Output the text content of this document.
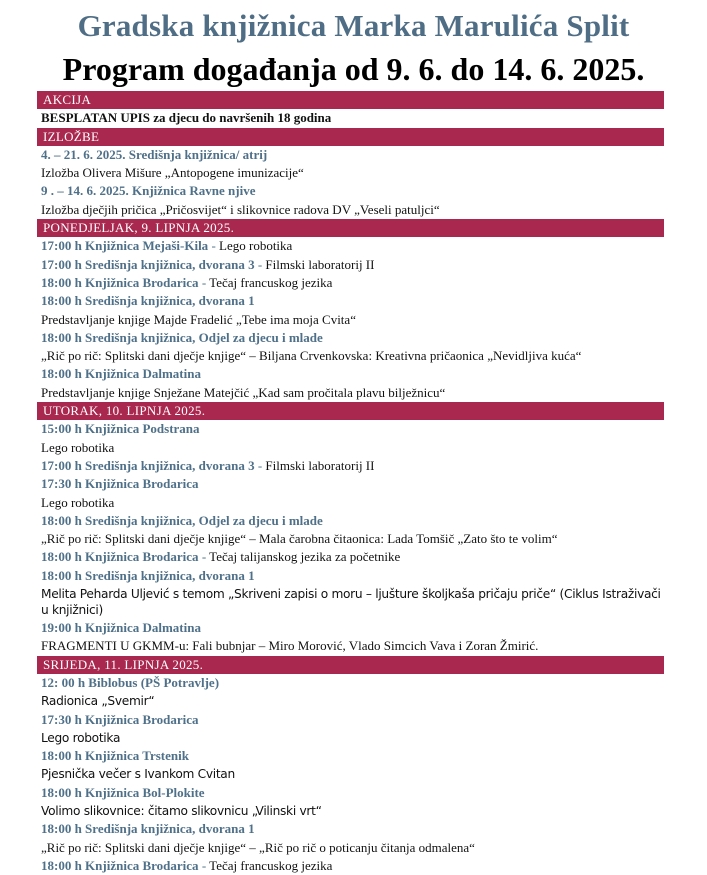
Gradska knjižnica Marka Marulića Split
Program događanja od 9. 6. do 14. 6. 2025.
AKCIJA
BESPLATAN UPIS za djecu do navršenih 18 godina
IZLOŽBE
4. – 21. 6. 2025. Središnja knjižnica/ atrij
Izložba Olivera Mišure „Antopogene imunizacije“
9 . – 14. 6. 2025. Knjižnica Ravne njive
Izložba dječjih pričica „Pričosvijet“ i slikovnice radova DV „Veseli patuljci“
PONEDJELJAK, 9. LIPNJA 2025.
17:00 h Knjižnica Mejaši-Kila - Lego robotika
17:00 h Središnja knjižnica, dvorana 3 - Filmski laboratorij II
18:00 h Knjižnica Brodarica - Tečaj francuskog jezika
18:00 h Središnja knjižnica, dvorana 1
Predstavljanje knjige Majde Fradelić „Tebe ima moja Cvita“
18:00 h Središnja knjižnica, Odjel za djecu i mlade
„Rič po rič: Splitski dani dječje knjige“ – Biljana Crvenkovska: Kreativna pričaonica „Nevidljiva kuća“
18:00 h Knjižnica Dalmatina
Predstavljanje knjige Snježane Matejčić „Kad sam pročitala plavu bilježnicu“
UTORAK, 10. LIPNJA 2025.
15:00 h Knjižnica Podstrana
Lego robotika
17:00 h Središnja knjižnica, dvorana 3 - Filmski laboratorij II
17:30 h Knjižnica Brodarica
Lego robotika
18:00 h Središnja knjižnica, Odjel za djecu i mlade
„Rič po rič: Splitski dani dječje knjige“ – Mala čarobna čitaonica: Lada Tomšič „Zato što te volim“
18:00 h Knjižnica Brodarica - Tečaj talijanskog jezika za početnike
18:00 h Središnja knjižnica, dvorana 1
Melita Peharda Uljević s temom „Skriveni zapisi o moru – ljušture školjkaša pričaju priče“ (Ciklus Istraživači u knjižnici)
19:00 h Knjižnica Dalmatina
FRAGMENTI U GKMM-u: Fali bubnjar – Miro Morović, Vlado Simcich Vava i Zoran Žmirić.
SRIJEDA, 11. LIPNJA 2025.
12: 00 h Biblobus (PŠ Potravlje)
Radionica „Svemir“
17:30 h Knjižnica Brodarica
Lego robotika
18:00 h Knjižnica Trstenik
Pjesnička večer s Ivankom Cvitan
18:00 h Knjižnica Bol-Plokite
Volimo slikovnice: čitamo slikovnicu „Vilinski vrt“
18:00 h Središnja knjižnica, dvorana 1
„Rič po rič: Splitski dani dječje knjige“ – „Rič po rič o poticanju čitanja odmalena“
18:00 h Knjižnica Brodarica - Tečaj francuskog jezika
